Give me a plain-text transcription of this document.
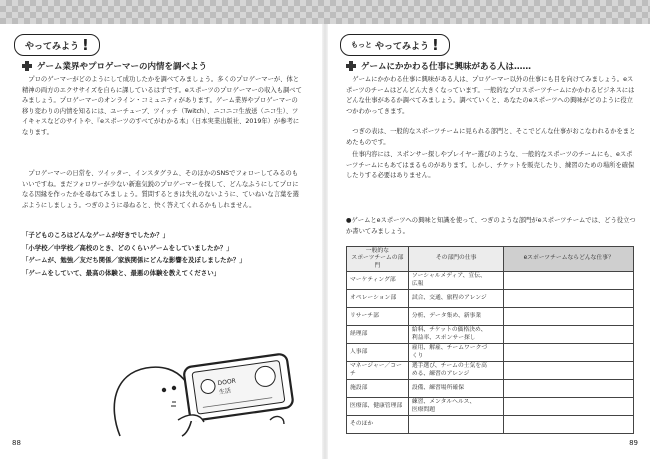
やってみよう !
ゲーム業界やプロゲーマーの内情を調べよう

プロのゲーマーがどのようにして成功したかを調べてみましょう。多くのプロゲーマーが、体と精神の両方のエクササイズを自らに課しているはずです。eスポーツのプロゲーマーの収入も調べてみましょう。プロゲーマーのオンライン・コミュニティがあります。ゲーム業界やプロゲーマーの移り変わりの内情を知るには、ユーチューブ、ツイッチ（Twitch）、ニコニコ生放送（ニコ生）、ツイキャスなどのサイトや、『eスポーツのすべてがわかる本』（日本実業出版社、2019年）が参考になります。

プロゲーマーの日常を、ツイッター、インスタグラム、そのほかのSNSでフォローしてみるのもいいですね。まだフォロワーが少ない新進気鋭のプロゲーマーを探して、どんなふうにしてプロになる因縁を作ったかを尋ねてみましょう。質問するときは失礼のないように、ていねいな言葉を選ぶようにしましょう。つぎのように尋ねると、快く答えてくれるかもしれません。

「子どものころはどんなゲームが好きでしたか？」
「小学校／中学校／高校のとき、どのくらいゲームをしていましたか？」
「ゲームが、勉強／友だち関係／家族関係にどんな影響を及ぼしましたか？」
「ゲームをしていて、最高の体験と、最悪の体験を教えてください」
DOOR
生活
88
もっと やってみよう !
ゲームにかかわる仕事に興味がある人は……

ゲームにかかわる仕事に興味がある人は、プロゲーマー以外の仕事にも目を向けてみましょう。eスポーツのチームはどんどん大きくなっています。一般的なプロスポーツチームにかかわるビジネスにはどんな仕事があるか調べてみましょう。調べていくと、あなたのeスポーツへの興味がどのように役立つかわかってきます。

つぎの表は、一般的なスポーツチームに見られる部門と、そこでどんな仕事がおこなわれるかをまとめたものです。

仕事内容には、スポンサー探しやプレイヤー選びのような、一般的なスポーツのチームにも、eスポーツチームにもあてはまるものがあります。しかし、チケットを販売したり、練習のための場所を確保したりする必要はありません。

●ゲームとeスポーツへの興味と知識を使って、つぎのような部門がeスポーツチームでは、どう役立つか書いてみましょう。
一般的な
スポーツチームの部門	その部門の仕事	eスポーツチームならどんな仕事？
マーケティング部	ソーシャルメディア、宣伝、
広報	
オペレーション部	試合、交通、旅程のアレンジ	
リサーチ部	分析、データ集め、新事業	
経理部	給料、チケットの価格決め、
利益率、スポンサー探し	
人事部	雇用、解雇、チームワークづ
くり	
マネージャー／コーチ	選手選び、チームの士気を高
める、練習のアレンジ	
施設部	設備、練習場所確保	
医療部、健康管理部	練習、メンタルヘルス、
医療問題	
そのほか		
89
